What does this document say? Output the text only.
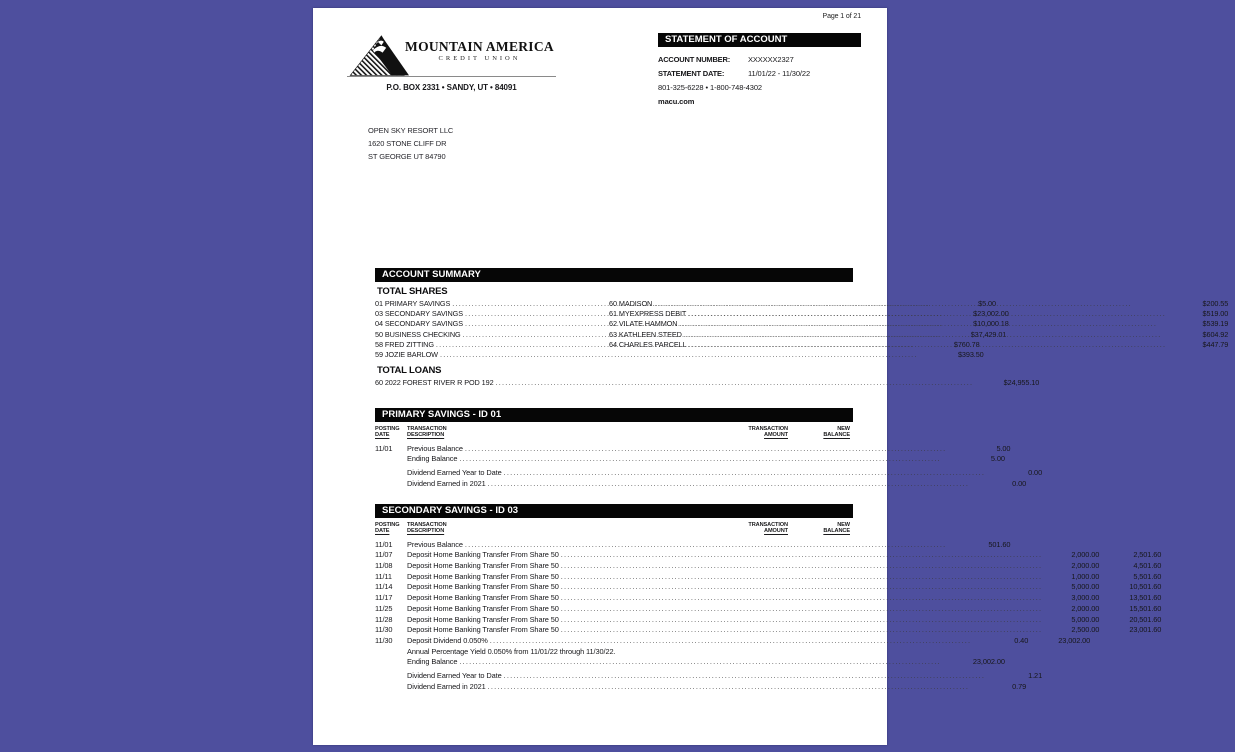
Page 1 of 21
MOUNTAIN AMERICA
CREDIT UNION
P.O. BOX 2331 • SANDY, UT • 84091
STATEMENT OF ACCOUNT
ACCOUNT NUMBER: XXXXXX2327
STATEMENT DATE:	11/01/22 - 11/30/22
801-325-6228 • 1-800-748-4302
macu.com
OPEN SKY RESORT LLC
1620 STONE CLIFF DR
ST GEORGE UT 84790
ACCOUNT SUMMARY
TOTAL SHARES
01 PRIMARY SAVINGS .....	$5.00
03 SECONDARY SAVINGS .....	$23,002.00
04 SECONDARY SAVINGS .....	$10,000.18
50 BUSINESS CHECKING .....	$37,429.01
58 FRED ZITTING .....	$760.78
59 JOZIE BARLOW .....	$393.50
60 MADISON .....	$200.55
61 MYEXPRESS DEBIT .....	$519.00
62 VILATE HAMMON .....	$539.19
63 KATHLEEN STEED .....	$604.92
64 CHARLES PARCELL .....	$447.79
TOTAL LOANS
60 2022 FOREST RIVER R POD 192 .....	$24,955.10
PRIMARY SAVINGS - ID 01
POSTING
DATE
TRANSACTION
DESCRIPTION
TRANSACTION
AMOUNT
NEW
BALANCE
11/01	Previous Balance .....	5.00
Ending Balance .....	5.00
Dividend Earned Year to Date .....	0.00
Dividend Earned in 2021 .....	0.00
SECONDARY SAVINGS - ID 03
POSTING
DATE
TRANSACTION
DESCRIPTION
TRANSACTION
AMOUNT
NEW
BALANCE
11/01	Previous Balance .....	501.60
11/07	Deposit Home Banking Transfer From Share 50 .....	2,000.00	2,501.60
11/08	Deposit Home Banking Transfer From Share 50 .....	2,000.00	4,501.60
11/11	Deposit Home Banking Transfer From Share 50 .....	1,000.00	5,501.60
11/14	Deposit Home Banking Transfer From Share 50 .....	5,000.00	10,501.60
11/17	Deposit Home Banking Transfer From Share 50 .....	3,000.00	13,501.60
11/25	Deposit Home Banking Transfer From Share 50 .....	2,000.00	15,501.60
11/28	Deposit Home Banking Transfer From Share 50 .....	5,000.00	20,501.60
11/30	Deposit Home Banking Transfer From Share 50 .....	2,500.00	23,001.60
11/30	Deposit Dividend 0.050% .....	0.40	23,002.00
Annual Percentage Yield 0.050% from 11/01/22 through 11/30/22.
Ending Balance .....	23,002.00
Dividend Earned Year to Date .....	1.21
Dividend Earned in 2021 .....	0.79
